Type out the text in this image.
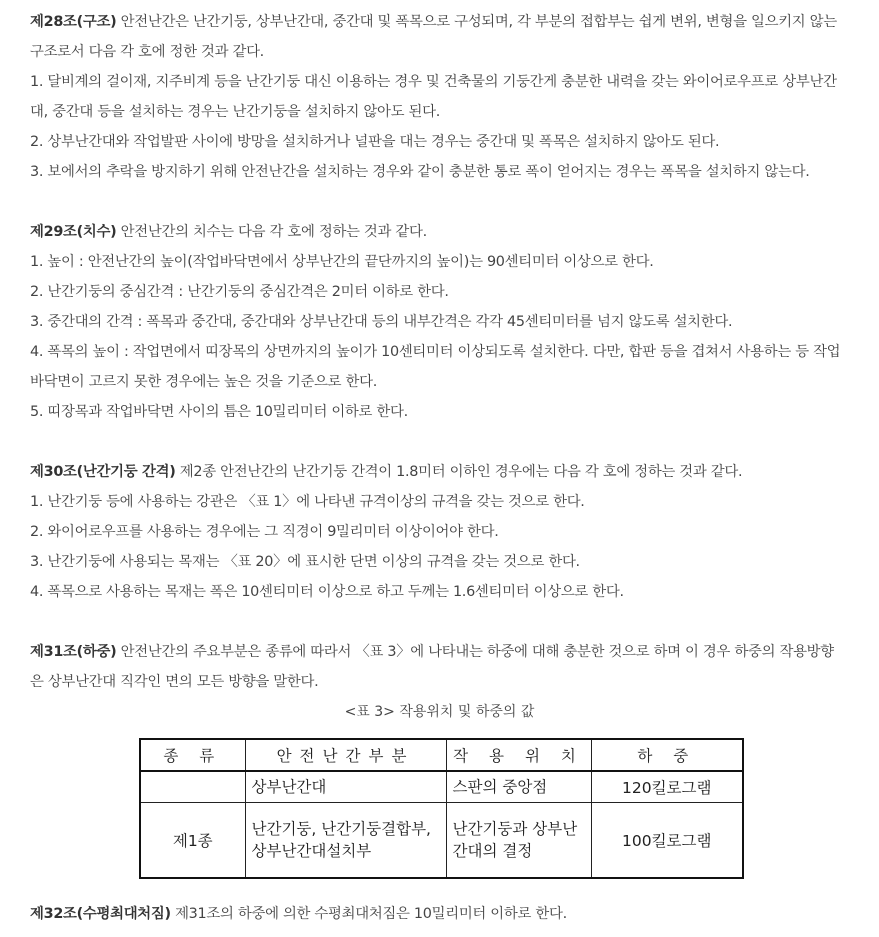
제28조(구조) 안전난간은 난간기둥, 상부난간대, 중간대 및 폭목으로 구성되며, 각 부분의 접합부는 쉽게 변위, 변형을 일으키지 않는
구조로서 다음 각 호에 정한 것과 같다.
1. 달비계의 걸이재, 지주비계 등을 난간기둥 대신 이용하는 경우 및 건축물의 기둥간게 충분한 내력을 갖는 와이어로우프로 상부난간
대, 중간대 등을 설치하는 경우는 난간기둥을 설치하지 않아도 된다.
2. 상부난간대와 작업발판 사이에 방망을 설치하거나 널판을 대는 경우는 중간대 및 폭목은 설치하지 않아도 된다.
3. 보에서의 추락을 방지하기 위해 안전난간을 설치하는 경우와 같이 충분한 통로 폭이 얻어지는 경우는 폭목을 설치하지 않는다.
제29조(치수) 안전난간의 치수는 다음 각 호에 정하는 것과 같다.
1. 높이 : 안전난간의 높이(작업바닥면에서 상부난간의 끝단까지의 높이)는 90센티미터 이상으로 한다.
2. 난간기둥의 중심간격 : 난간기둥의 중심간격은 2미터 이하로 한다.
3. 중간대의 간격 : 폭목과 중간대, 중간대와 상부난간대 등의 내부간격은 각각 45센티미터를 넘지 않도록 설치한다.
4. 폭목의 높이 : 작업면에서 띠장목의 상면까지의 높이가 10센티미터 이상되도록 설치한다. 다만, 합판 등을 겹쳐서 사용하는 등 작업
바닥면이 고르지 못한 경우에는 높은 것을 기준으로 한다.
5. 띠장목과 작업바닥면 사이의 틈은 10밀리미터 이하로 한다.
제30조(난간기둥 간격) 제2종 안전난간의 난간기둥 간격이 1.8미터 이하인 경우에는 다음 각 호에 정하는 것과 같다.
1. 난간기둥 등에 사용하는 강관은 〈표 1〉에 나타낸 규격이상의 규격을 갖는 것으로 한다.
2. 와이어로우프를 사용하는 경우에는 그 직경이 9밀리미터 이상이어야 한다.
3. 난간기둥에 사용되는 목재는 〈표 20〉에 표시한 단면 이상의 규격을 갖는 것으로 한다.
4. 폭목으로 사용하는 목재는 폭은 10센티미터 이상으로 하고 두께는 1.6센티미터 이상으로 한다.
제31조(하중) 안전난간의 주요부분은 종류에 따라서 〈표 3〉에 나타내는 하중에 대해 충분한 것으로 하며 이 경우 하중의 작용방향
은 상부난간대 직각인 면의 모든 방향을 말한다.
<표 3> 작용위치 및 하중의 값
종 류	안전난간부분	작 용 위 치	하 중
	상부난간대	스판의 중앙점	120킬로그램
제1종	난간기둥, 난간기둥결합부, 상부난간대설치부	난간기둥과 상부난간대의 결정	100킬로그램
제32조(수평최대처짐) 제31조의 하중에 의한 수평최대처짐은 10밀리미터 이하로 한다.
